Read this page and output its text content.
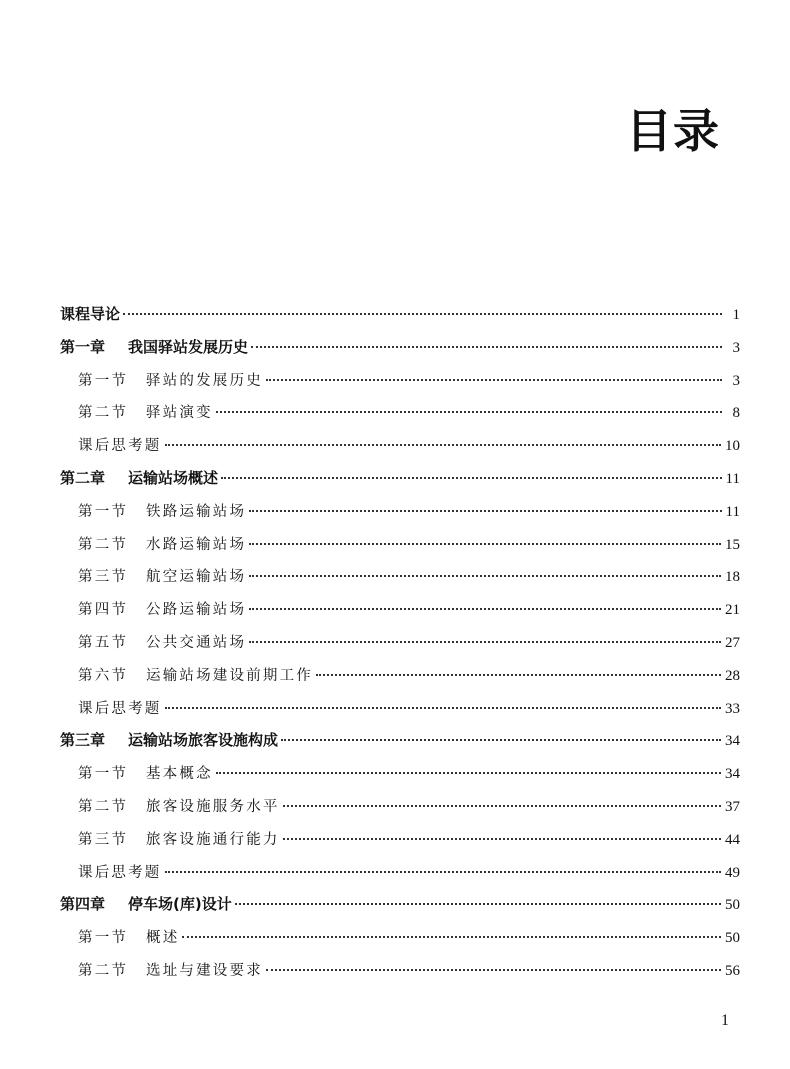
目录
课程导论	1
第一章	我国驿站发展历史	3
第一节	驿站的发展历史	3
第二节	驿站演变	8
课后思考题	10
第二章	运输站场概述	11
第一节	铁路运输站场	11
第二节	水路运输站场	15
第三节	航空运输站场	18
第四节	公路运输站场	21
第五节	公共交通站场	27
第六节	运输站场建设前期工作	28
课后思考题	33
第三章	运输站场旅客设施构成	34
第一节	基本概念	34
第二节	旅客设施服务水平	37
第三节	旅客设施通行能力	44
课后思考题	49
第四章	停车场(库)设计	50
第一节	概述	50
第二节	选址与建设要求	56
1
